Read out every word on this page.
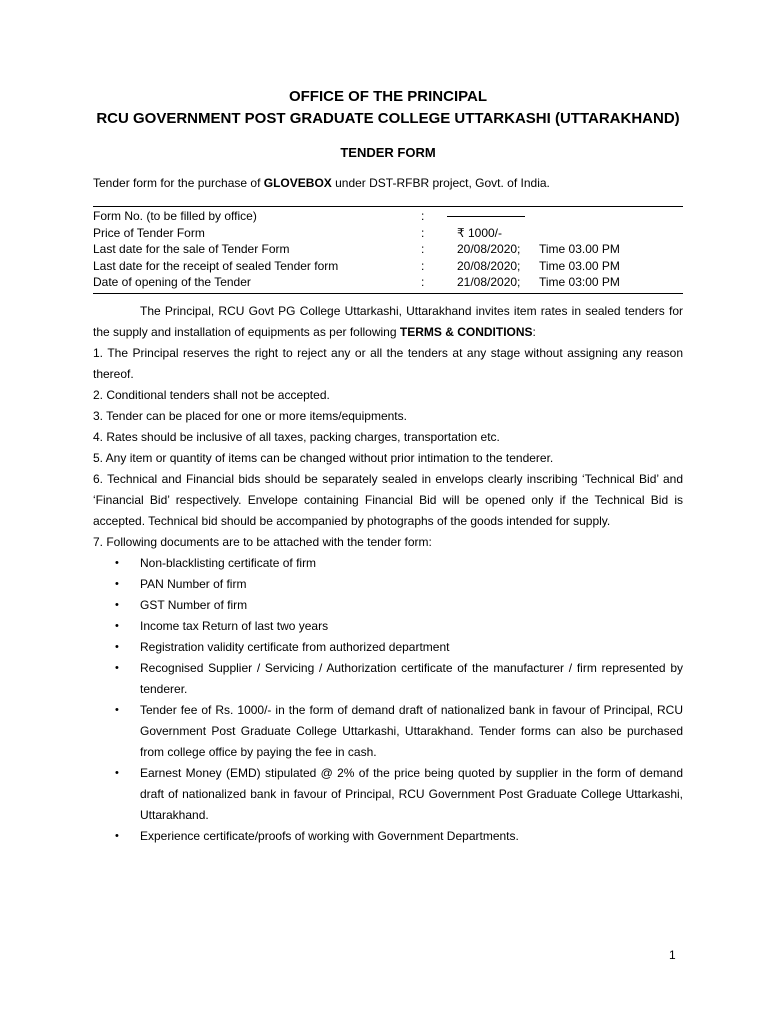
OFFICE OF THE PRINCIPAL
RCU GOVERNMENT POST GRADUATE COLLEGE UTTARKASHI (UTTARAKHAND)
TENDER FORM
Tender form for the purchase of GLOVEBOX under DST-RFBR project, Govt. of India.
Form No. (to be filled by office)	:
Price of Tender Form	:	₹ 1000/-
Last date for the sale of Tender Form	:	20/08/2020; Time 03.00 PM
Last date for the receipt of sealed Tender form	:	20/08/2020; Time 03.00 PM
Date of opening of the Tender	:	21/08/2020; Time 03:00 PM

The Principal, RCU Govt PG College Uttarkashi, Uttarakhand invites item rates in sealed tenders for the supply and installation of equipments as per following TERMS & CONDITIONS:

1. The Principal reserves the right to reject any or all the tenders at any stage without assigning any reason thereof.

2. Conditional tenders shall not be accepted.

3. Tender can be placed for one or more items/equipments.

4. Rates should be inclusive of all taxes, packing charges, transportation etc.

5. Any item or quantity of items can be changed without prior intimation to the tenderer.

6. Technical and Financial bids should be separately sealed in envelops clearly inscribing ‘Technical Bid’ and ‘Financial Bid’ respectively. Envelope containing Financial Bid will be opened only if the Technical Bid is accepted. Technical bid should be accompanied by photographs of the goods intended for supply.

7. Following documents are to be attached with the tender form:

• Non-blacklisting certificate of firm
• PAN Number of firm
• GST Number of firm
• Income tax Return of last two years
• Registration validity certificate from authorized department
• Recognised Supplier / Servicing / Authorization certificate of the manufacturer / firm represented by tenderer.
• Tender fee of Rs. 1000/- in the form of demand draft of nationalized bank in favour of Principal, RCU Government Post Graduate College Uttarkashi, Uttarakhand. Tender forms can also be purchased from college office by paying the fee in cash.
• Earnest Money (EMD) stipulated @ 2% of the price being quoted by supplier in the form of demand draft of nationalized bank in favour of Principal, RCU Government Post Graduate College Uttarkashi, Uttarakhand.
• Experience certificate/proofs of working with Government Departments.
1
